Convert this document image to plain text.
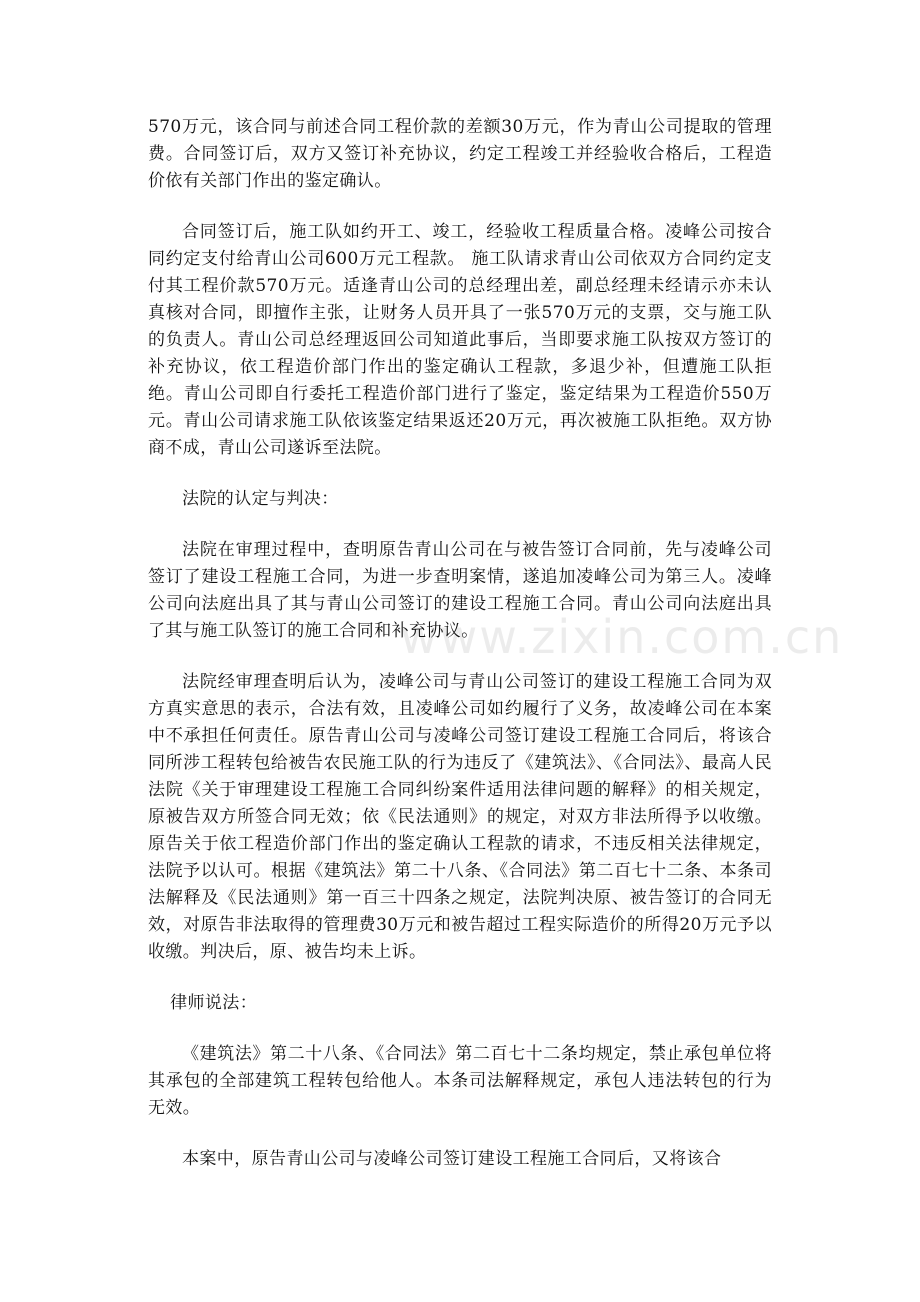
www.zixin.com.cn

570万元，该合同与前述合同工程价款的差额30万元，作为青山公司提取的管理费。合同签订后，双方又签订补充协议，约定工程竣工并经验收合格后，工程造价依有关部门作出的鉴定确认。

合同签订后，施工队如约开工、竣工，经验收工程质量合格。凌峰公司按合同约定支付给青山公司600万元工程款。 施工队请求青山公司依双方合同约定支付其工程价款570万元。适逢青山公司的总经理出差，副总经理未经请示亦未认真核对合同，即擅作主张，让财务人员开具了一张570万元的支票，交与施工队的负责人。青山公司总经理返回公司知道此事后，当即要求施工队按双方签订的补充协议，依工程造价部门作出的鉴定确认工程款，多退少补，但遭施工队拒绝。青山公司即自行委托工程造价部门进行了鉴定，鉴定结果为工程造价550万元。青山公司请求施工队依该鉴定结果返还20万元，再次被施工队拒绝。双方协商不成，青山公司遂诉至法院。

法院的认定与判决：

法院在审理过程中，查明原告青山公司在与被告签订合同前，先与凌峰公司签订了建设工程施工合同，为进一步查明案情，遂追加凌峰公司为第三人。凌峰公司向法庭出具了其与青山公司签订的建设工程施工合同。青山公司向法庭出具了其与施工队签订的施工合同和补充协议。

法院经审理查明后认为，凌峰公司与青山公司签订的建设工程施工合同为双方真实意思的表示，合法有效，且凌峰公司如约履行了义务，故凌峰公司在本案中不承担任何责任。原告青山公司与凌峰公司签订建设工程施工合同后，将该合同所涉工程转包给被告农民施工队的行为违反了《建筑法》、《合同法》、最高人民法院《关于审理建设工程施工合同纠纷案件适用法律问题的解释》的相关规定，原被告双方所签合同无效；依《民法通则》的规定，对双方非法所得予以收缴。原告关于依工程造价部门作出的鉴定确认工程款的请求，不违反相关法律规定，法院予以认可。根据《建筑法》第二十八条、《合同法》第二百七十二条、本条司法解释及《民法通则》第一百三十四条之规定，法院判决原、被告签订的合同无效，对原告非法取得的管理费30万元和被告超过工程实际造价的所得20万元予以收缴。判决后，原、被告均未上诉。

律师说法：

《建筑法》第二十八条、《合同法》第二百七十二条均规定，禁止承包单位将其承包的全部建筑工程转包给他人。本条司法解释规定，承包人违法转包的行为无效。

本案中，原告青山公司与凌峰公司签订建设工程施工合同后，又将该合
